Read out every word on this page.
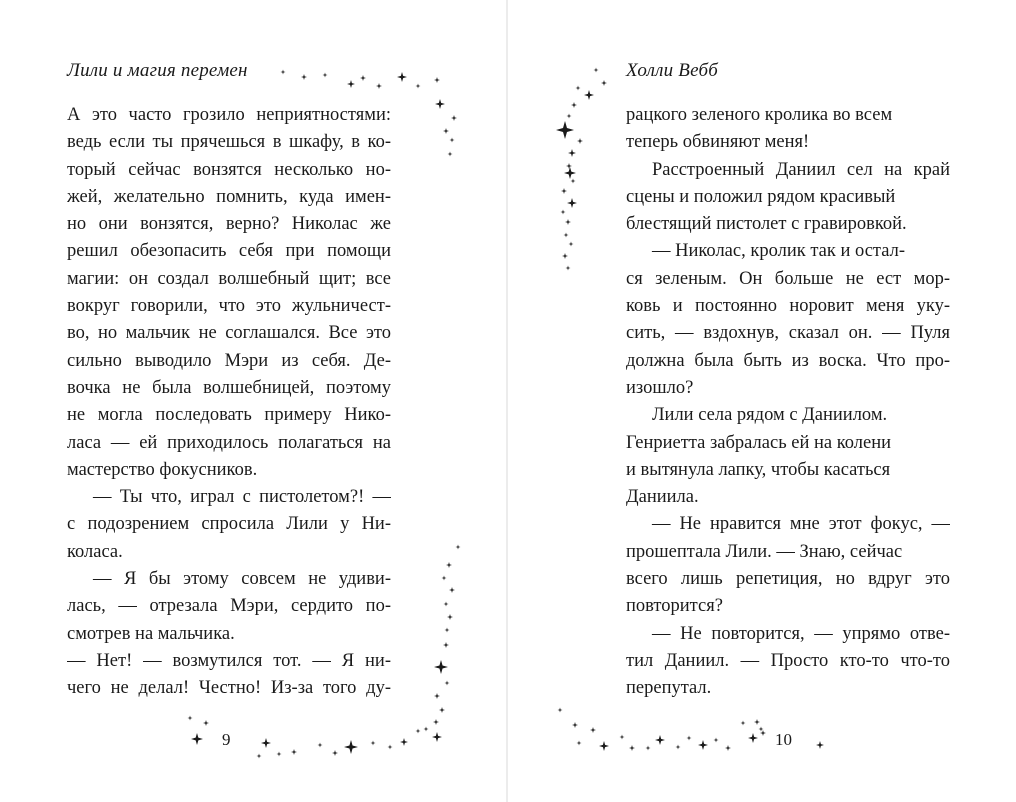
Лили и магия перемен
А это часто грозило неприятностями:
ведь если ты прячешься в шкафу, в ко-
торый сейчас вонзятся несколько но-
жей, желательно помнить, куда имен-
но они вонзятся, верно? Николас же
решил обезопасить себя при помощи
магии: он создал волшебный щит; все
вокруг говорили, что это жульничест-
во, но мальчик не соглашался. Все это
сильно выводило Мэри из себя. Де-
вочка не была волшебницей, поэтому
не могла последовать примеру Нико-
ласа — ей приходилось полагаться на
мастерство фокусников.
— Ты что, играл с пистолетом?! —
с подозрением спросила Лили у Ни-
коласа.
— Я бы этому совсем не удиви-
лась, — отрезала Мэри, сердито по-
смотрев на мальчика.
— Нет! — возмутился тот. — Я ни-
чего не делал! Честно! Из-за того ду-
9
Холли Вебб
рацкого зеленого кролика во всем
теперь обвиняют меня!
Расстроенный Даниил сел на край
сцены и положил рядом красивый
блестящий пистолет с гравировкой.
— Николас, кролик так и остал-
ся зеленым. Он больше не ест мор-
ковь и постоянно норовит меня уку-
сить, — вздохнув, сказал он. — Пуля
должна была быть из воска. Что про-
изошло?
Лили села рядом с Даниилом.
Генриетта забралась ей на колени
и вытянула лапку, чтобы касаться
Даниила.
— Не нравится мне этот фокус, —
прошептала Лили. — Знаю, сейчас
всего лишь репетиция, но вдруг это
повторится?
— Не повторится, — упрямо отве-
тил Даниил. — Просто кто-то что-то
перепутал.
10
